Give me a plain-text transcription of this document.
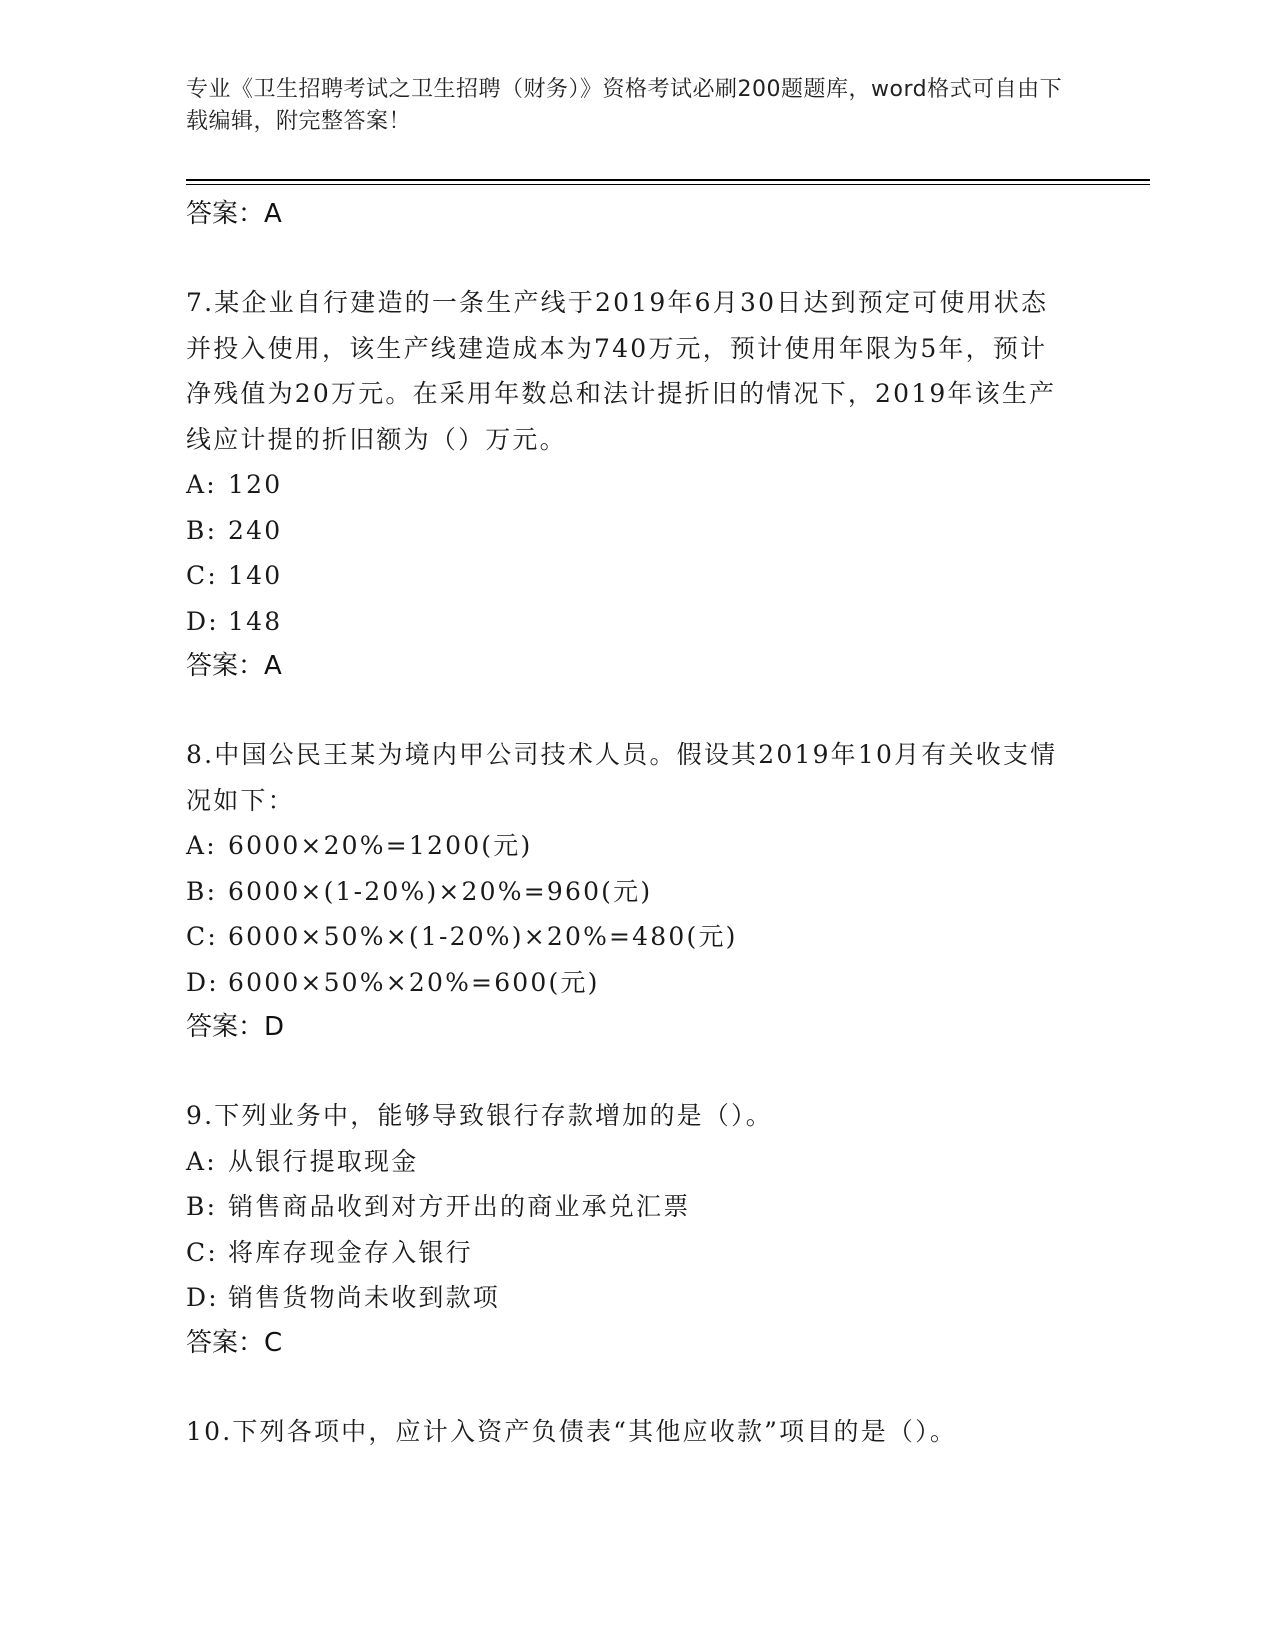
专业《卫生招聘考试之卫生招聘（财务）》资格考试必刷200题题库，word格式可自由下载编辑，附完整答案！

答案：A

7.某企业自行建造的一条生产线于2019年6月30日达到预定可使用状态并投入使用，该生产线建造成本为740万元，预计使用年限为5年，预计净残值为20万元。在采用年数总和法计提折旧的情况下，2019年该生产线应计提的折旧额为（）万元。

A: 120

B: 240

C: 140

D: 148

答案：A

8.中国公民王某为境内甲公司技术人员。假设其2019年10月有关收支情况如下：

A: 6000×20%=1200(元)

B: 6000×(1-20%)×20%=960(元)

C: 6000×50%×(1-20%)×20%=480(元)

D: 6000×50%×20%=600(元)

答案：D

9.下列业务中，能够导致银行存款增加的是（）。

A: 从银行提取现金

B: 销售商品收到对方开出的商业承兑汇票

C: 将库存现金存入银行

D: 销售货物尚未收到款项

答案：C

10.下列各项中，应计入资产负债表“其他应收款”项目的是（）。
